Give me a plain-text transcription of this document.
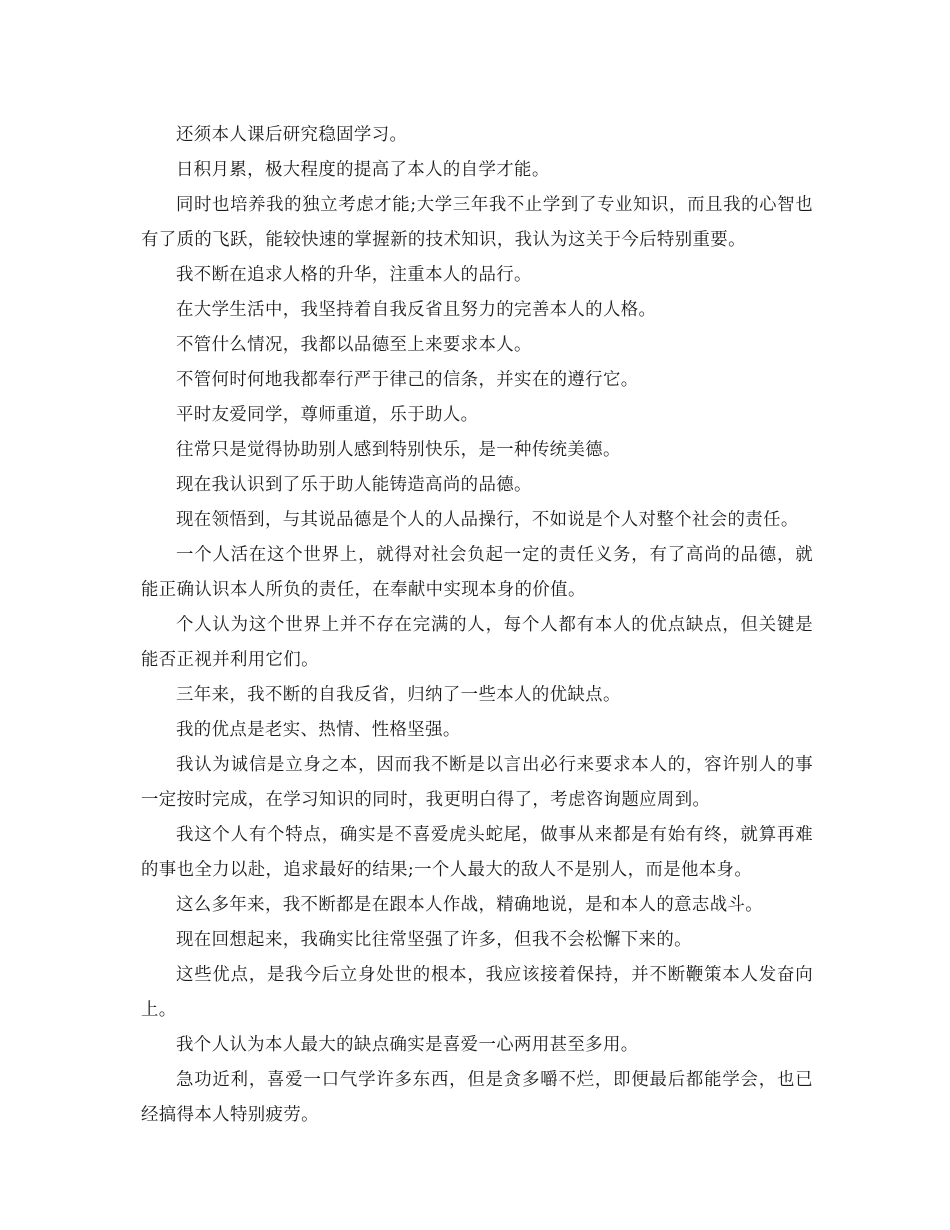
还须本人课后研究稳固学习。

日积月累，极大程度的提高了本人的自学才能。

同时也培养我的独立考虑才能;大学三年我不止学到了专业知识，而且我的心智也有了质的飞跃，能较快速的掌握新的技术知识，我认为这关于今后特别重要。

我不断在追求人格的升华，注重本人的品行。

在大学生活中，我坚持着自我反省且努力的完善本人的人格。

不管什么情况，我都以品德至上来要求本人。

不管何时何地我都奉行严于律己的信条，并实在的遵行它。

平时友爱同学，尊师重道，乐于助人。

往常只是觉得协助别人感到特别快乐，是一种传统美德。

现在我认识到了乐于助人能铸造高尚的品德。

现在领悟到，与其说品德是个人的人品操行，不如说是个人对整个社会的责任。

一个人活在这个世界上，就得对社会负起一定的责任义务，有了高尚的品德，就能正确认识本人所负的责任，在奉献中实现本身的价值。

个人认为这个世界上并不存在完满的人，每个人都有本人的优点缺点，但关键是能否正视并利用它们。

三年来，我不断的自我反省，归纳了一些本人的优缺点。

我的优点是老实、热情、性格坚强。

我认为诚信是立身之本，因而我不断是以言出必行来要求本人的，容许别人的事一定按时完成，在学习知识的同时，我更明白得了，考虑咨询题应周到。

我这个人有个特点，确实是不喜爱虎头蛇尾，做事从来都是有始有终，就算再难的事也全力以赴，追求最好的结果;一个人最大的敌人不是别人，而是他本身。

这么多年来，我不断都是在跟本人作战，精确地说，是和本人的意志战斗。

现在回想起来，我确实比往常坚强了许多，但我不会松懈下来的。

这些优点，是我今后立身处世的根本，我应该接着保持，并不断鞭策本人发奋向上。

我个人认为本人最大的缺点确实是喜爱一心两用甚至多用。

急功近利，喜爱一口气学许多东西，但是贪多嚼不烂，即便最后都能学会，也已经搞得本人特别疲劳。
